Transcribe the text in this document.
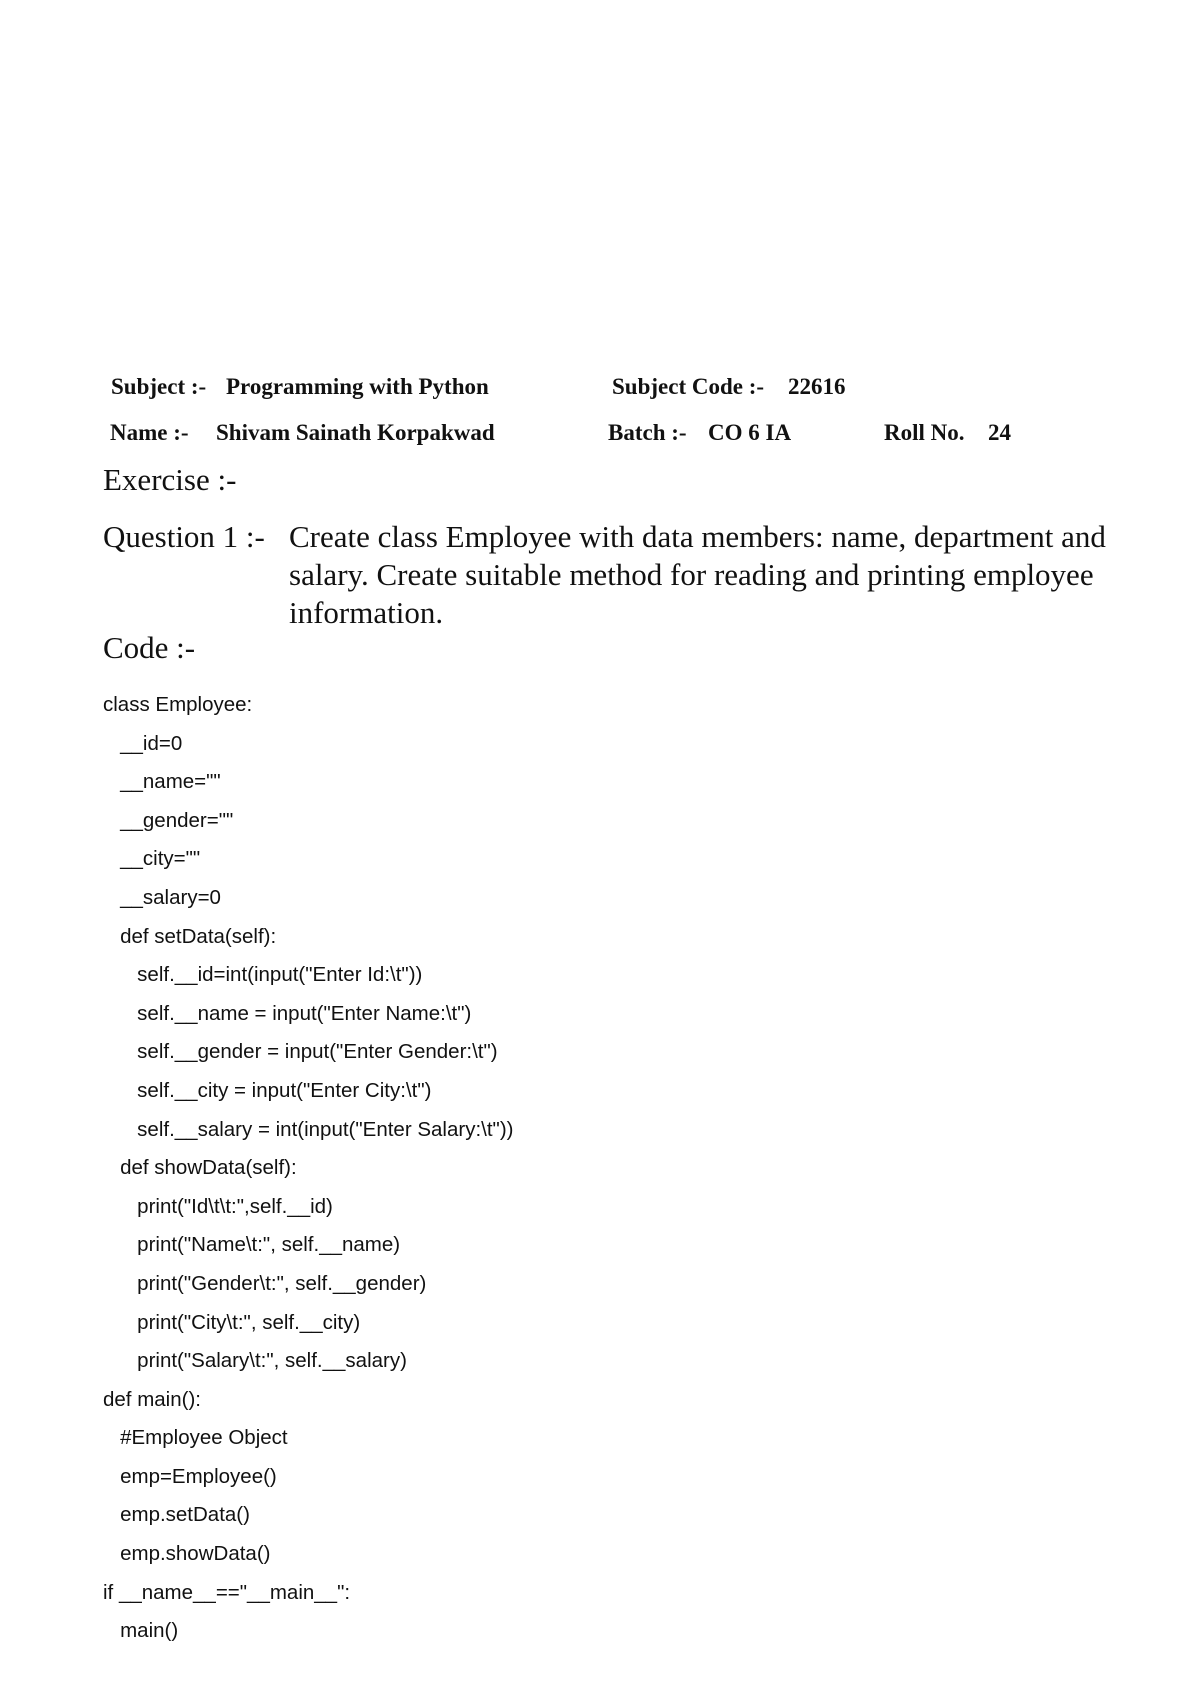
Subject :- Programming with Python	Subject Code :- 22616
Name :- Shivam Sainath Korpakwad	Batch :- CO 6 IA	Roll No. 24
Exercise :-
Question 1 :- Create class Employee with data members: name, department and salary. Create suitable method for reading and printing employee information.
Code :-
class Employee:
__id=0
__name=""
__gender=""
__city=""
__salary=0
def setData(self):
self.__id=int(input("Enter Id:\t"))
self.__name = input("Enter Name:\t")
self.__gender = input("Enter Gender:\t")
self.__city = input("Enter City:\t")
self.__salary = int(input("Enter Salary:\t"))
def showData(self):
print("Id\t\t:",self.__id)
print("Name\t:", self.__name)
print("Gender\t:", self.__gender)
print("City\t:", self.__city)
print("Salary\t:", self.__salary)
def main():
#Employee Object
emp=Employee()
emp.setData()
emp.showData()
if __name__=="__main__":
main()
